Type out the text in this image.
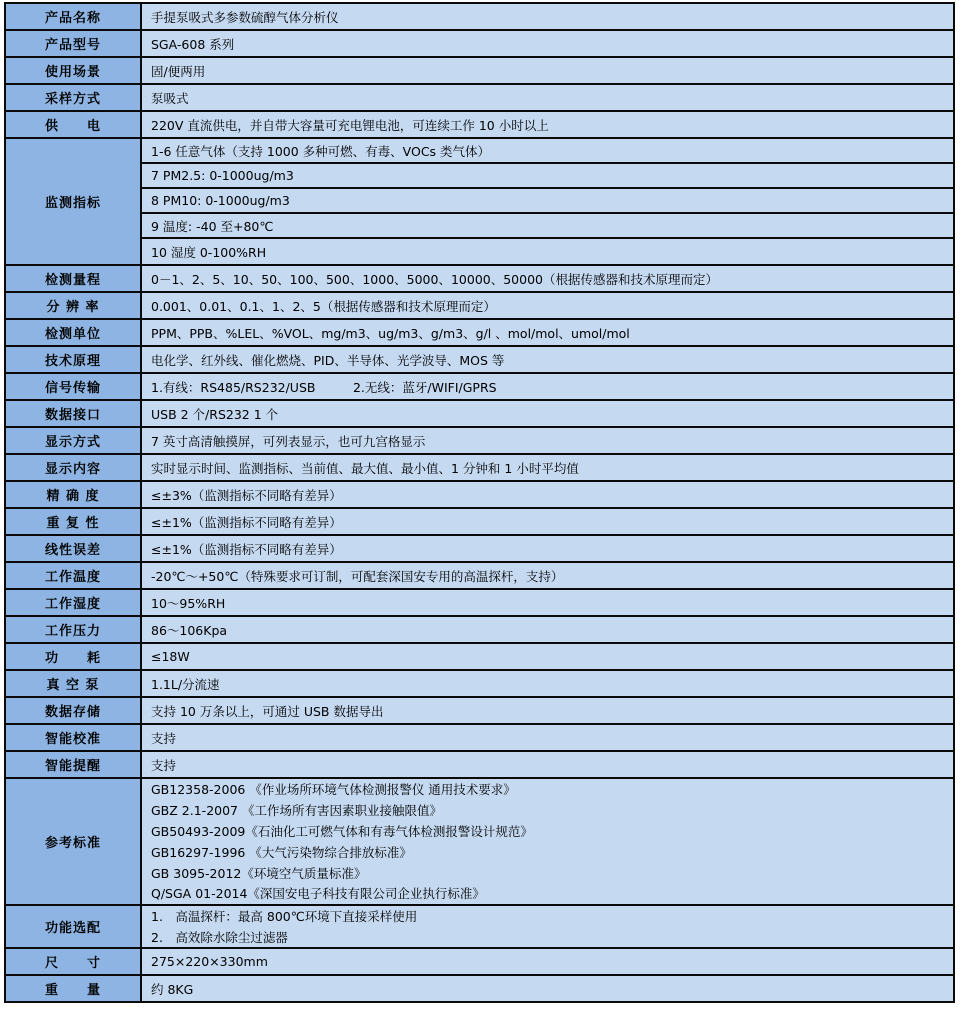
产品名称	手提泵吸式多参数硫醇气体分析仪
产品型号	SGA-608 系列
使用场景	固/便两用
采样方式	泵吸式
供　　电	220V 直流供电，并自带大容量可充电锂电池，可连续工作 10 小时以上
监测指标
1-6 任意气体（支持 1000 多种可燃、有毒、VOCs 类气体）
7 PM2.5: 0-1000ug/m3
8 PM10: 0-1000ug/m3
9 温度: -40 至+80℃
10 湿度 0-100%RH
检测量程	0－1、2、5、10、50、100、500、1000、5000、10000、50000（根据传感器和技术原理而定）
分 辨 率	0.001、0.01、0.1、1、2、5（根据传感器和技术原理而定）
检测单位	PPM、PPB、%LEL、%VOL、mg/m3、ug/m3、g/m3、g/l 、mol/mol、umol/mol
技术原理	电化学、红外线、催化燃烧、PID、半导体、光学波导、MOS 等
信号传输	1.有线：RS485/RS232/USB　　　2.无线：蓝牙/WIFI/GPRS
数据接口	USB 2 个/RS232 1 个
显示方式	7 英寸高清触摸屏，可列表显示，也可九宫格显示
显示内容	实时显示时间、监测指标、当前值、最大值、最小值、1 分钟和 1 小时平均值
精 确 度	≤±3%（监测指标不同略有差异）
重 复 性	≤±1%（监测指标不同略有差异）
线性误差	≤±1%（监测指标不同略有差异）
工作温度	-20℃～+50℃（特殊要求可订制，可配套深国安专用的高温探杆，支持）
工作湿度	10～95%RH
工作压力	86～106Kpa
功　　耗	≤18W
真 空 泵	1.1L/分流速
数据存储	支持 10 万条以上，可通过 USB 数据导出
智能校准	支持
智能提醒	支持
参考标准
GB12358-2006 《作业场所环境气体检测报警仪 通用技术要求》
GBZ 2.1-2007 《工作场所有害因素职业接触限值》
GB50493-2009《石油化工可燃气体和有毒气体检测报警设计规范》
GB16297-1996 《大气污染物综合排放标准》
GB 3095-2012《环境空气质量标准》
Q/SGA 01-2014《深国安电子科技有限公司企业执行标准》
功能选配
1.　高温探杆：最高 800℃环境下直接采样使用
2.　高效除水除尘过滤器
尺　　寸	275×220×330mm
重　　量	约 8KG
